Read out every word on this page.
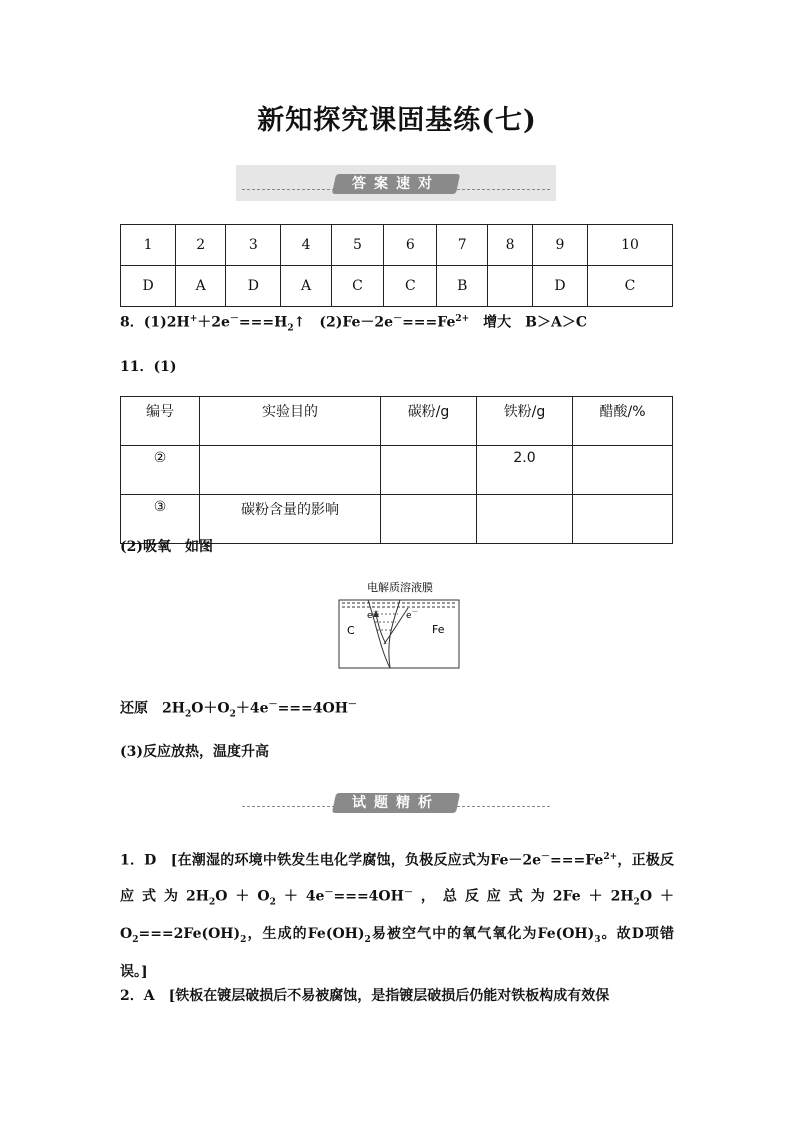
新知探究课固基练(七)
答案速对
1	2	3	4	5	6	7	8	9	10
D	A	D	A	C	C	B		D	C
8．$(1)2H^++2e^-===H_2↑$　$(2)Fe-2e^-===Fe^{2+}$　增大　B＞A＞C
11．(1)
编号	实验目的	碳粉/g	铁粉/g	醋酸/%
②			2.0	
③	碳粉含量的影响			
(2)吸氧　如图
电解质溶液膜
e－	e－
C	Fe
还原　$2H_2O+O_2+4e^-===4OH^-$
(3)反应放热，温度升高
试题精析
1．D　[在潮湿的环境中铁发生电化学腐蚀，负极反应式为$Fe-2e^-===Fe^{2+}$，正极反应式为$2H_2O+O_2+4e^-===4OH^-$，总反应式为$2Fe+2H_2O+O_2===2Fe(OH)_2$，生成的$Fe(OH)_2$易被空气中的氧气氧化为$Fe(OH)_3$。故D项错误。]
2．A　[铁板在镀层破损后不易被腐蚀，是指镀层破损后仍能对铁板构成有效保
